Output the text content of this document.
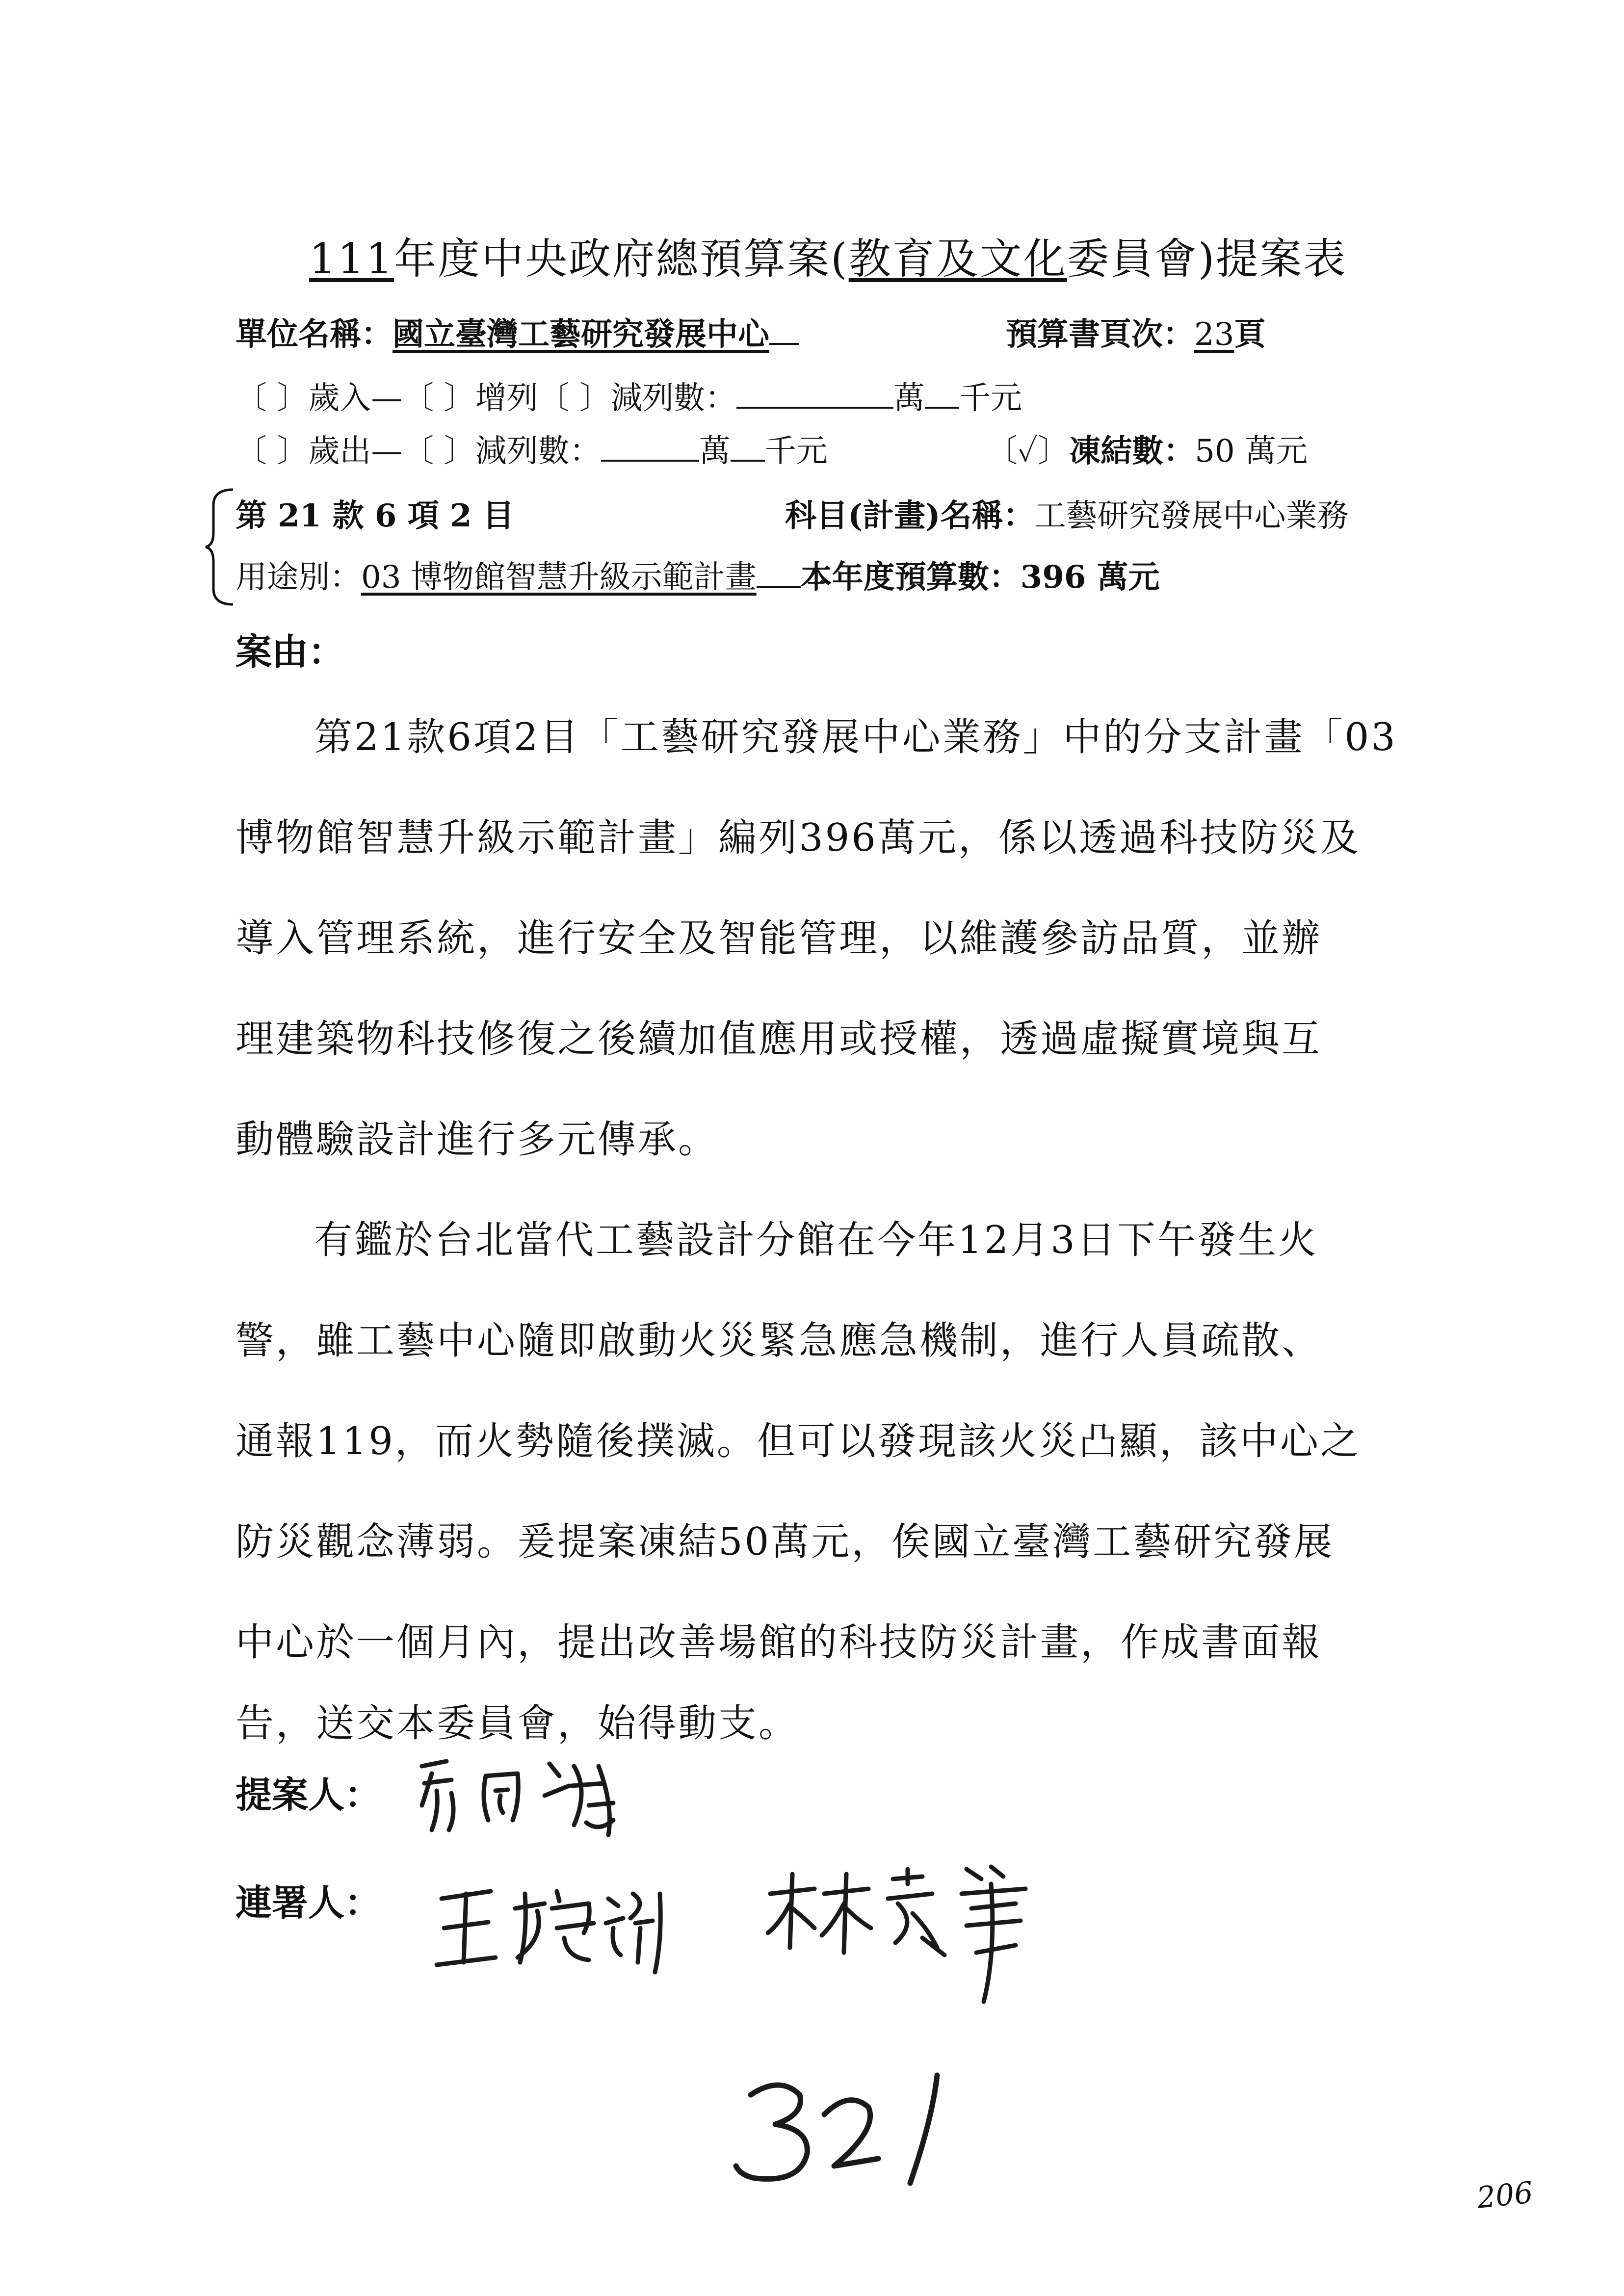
111年度中央政府總預算案(教育及文化委員會)提案表
單位名稱：國立臺灣工藝研究發展中心	預算書頁次：23頁
〔 〕歲入—〔 〕增列〔 〕減列數：	萬 千元
〔 〕歲出—〔 〕減列數：	萬 千元	〔✓〕凍結數：50 萬元
第 21 款 6 項 2 目	科目(計畫)名稱：工藝研究發展中心業務
用途別：03 博物館智慧升級示範計畫 本年度預算數：396 萬元
案由：
第21款6項2目「工藝研究發展中心業務」中的分支計畫「03
博物館智慧升級示範計畫」編列396萬元，係以透過科技防災及
導入管理系統，進行安全及智能管理，以維護參訪品質，並辦
理建築物科技修復之後續加值應用或授權，透過虛擬實境與互
動體驗設計進行多元傳承。
有鑑於台北當代工藝設計分館在今年12月3日下午發生火
警，雖工藝中心隨即啟動火災緊急應急機制，進行人員疏散、
通報119，而火勢隨後撲滅。但可以發現該火災凸顯，該中心之
防災觀念薄弱。爰提案凍結50萬元，俟國立臺灣工藝研究發展
中心於一個月內，提出改善場館的科技防災計畫，作成書面報
告，送交本委員會，始得動支。
提案人：
連署人：
206
